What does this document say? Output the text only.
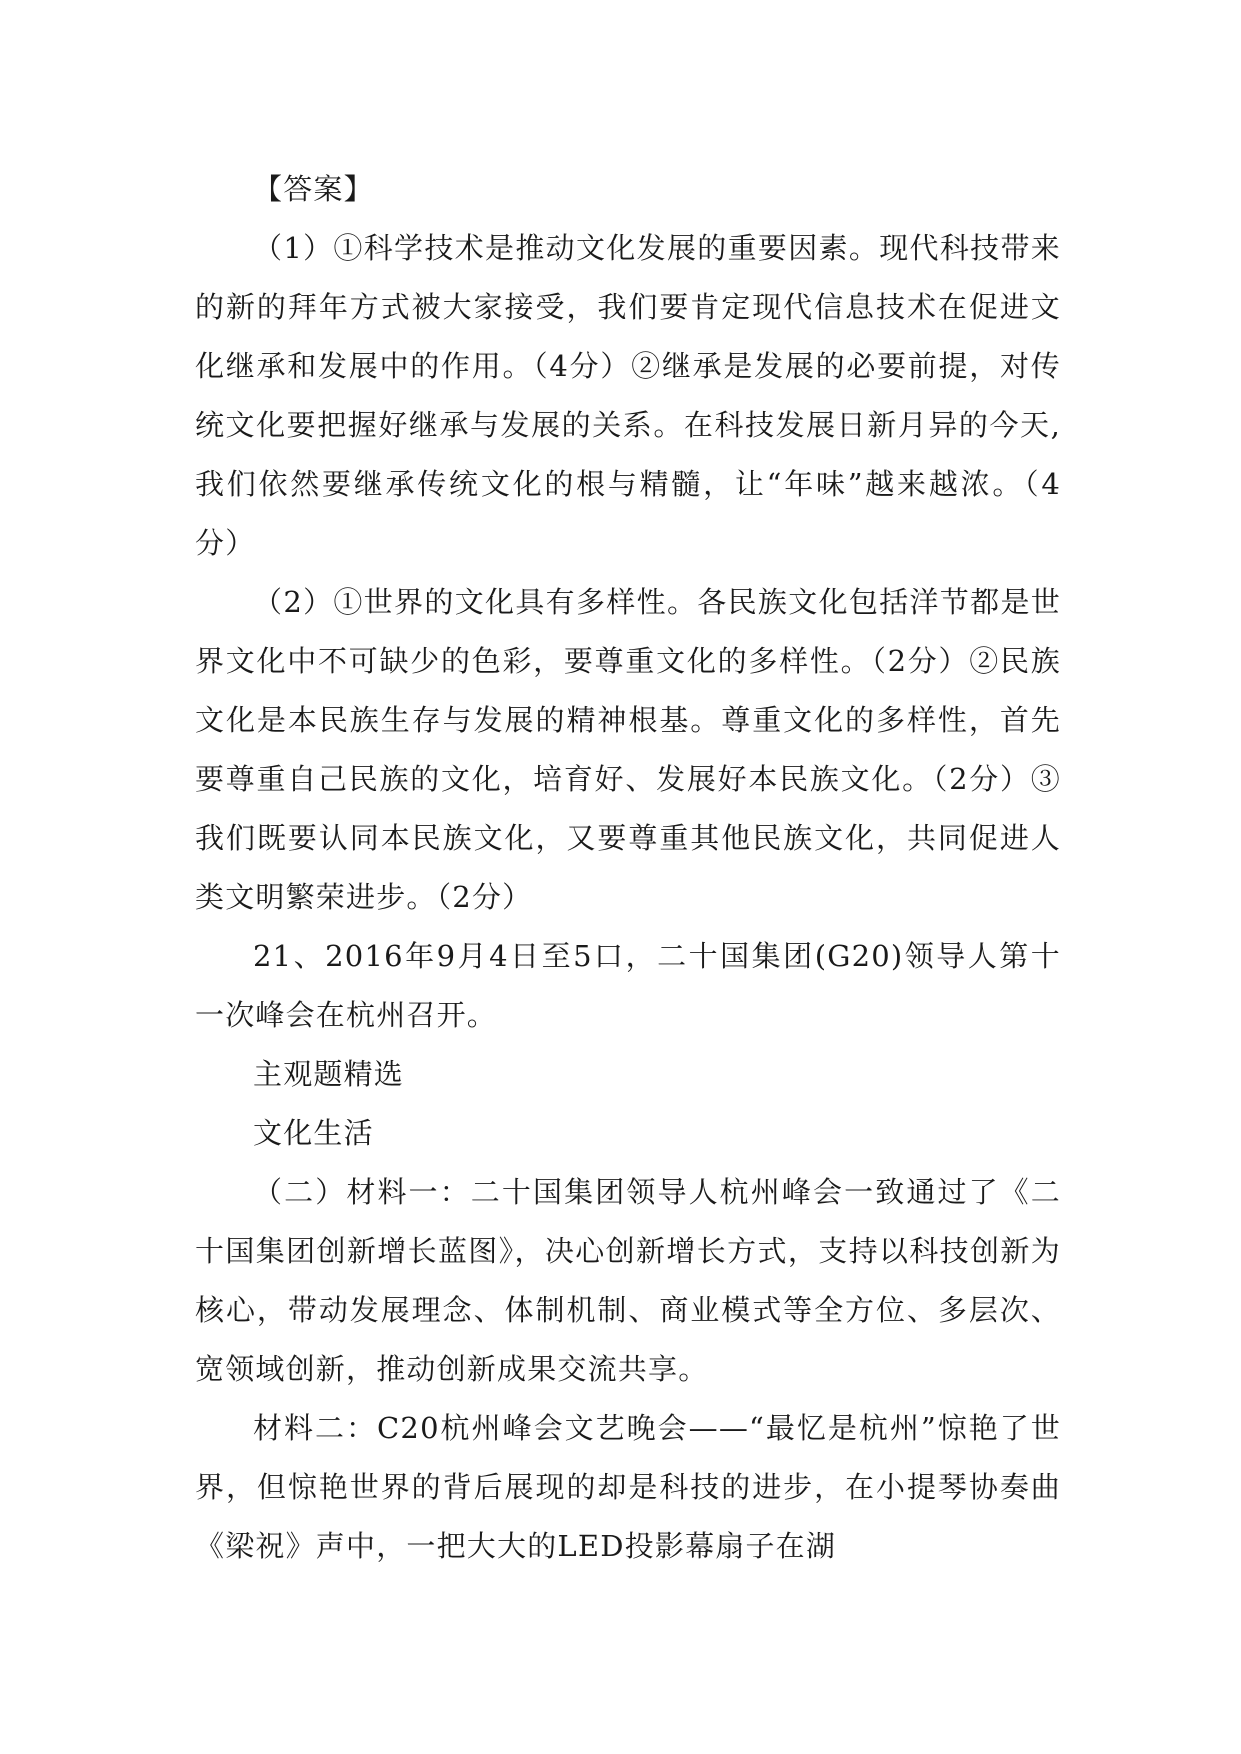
【答案】

（1）①科学技术是推动文化发展的重要因素。现代科技带来的新的拜年方式被大家接受，我们要肯定现代信息技术在促进文化继承和发展中的作用。（4分）②继承是发展的必要前提，对传统文化要把握好继承与发展的关系。在科技发展日新月异的今天,我们依然要继承传统文化的根与精髓，让“年味”越来越浓。（4分）

（2）①世界的文化具有多样性。各民族文化包括洋节都是世界文化中不可缺少的色彩，要尊重文化的多样性。（2分）②民族文化是本民族生存与发展的精神根基。尊重文化的多样性，首先要尊重自己民族的文化，培育好、发展好本民族文化。（2分）③我们既要认同本民族文化，又要尊重其他民族文化，共同促进人类文明繁荣进步。（2分）

21、2016年9月4日至5口，二十国集团(G20)领导人第十一次峰会在杭州召开。

主观题精选

文化生活

（二）材料一：二十国集团领导人杭州峰会一致通过了《二十国集团创新增长蓝图》，决心创新增长方式，支持以科技创新为核心，带动发展理念、体制机制、商业模式等全方位、多层次、宽领域创新，推动创新成果交流共享。

材料二：C20杭州峰会文艺晚会——“最忆是杭州”惊艳了世界，但惊艳世界的背后展现的却是科技的进步，在小提琴协奏曲《梁祝》声中，一把大大的LED投影幕扇子在湖
